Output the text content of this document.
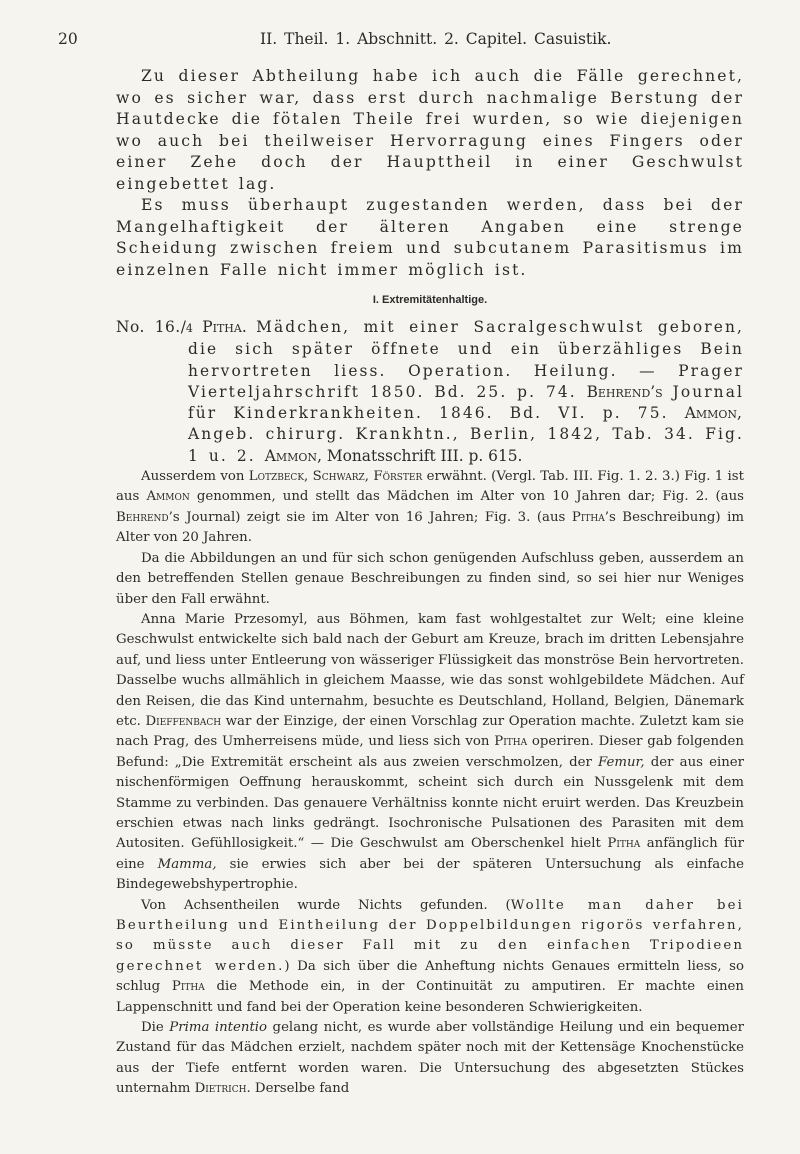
20	II. Theil. 1. Abschnitt. 2. Capitel. Casuistik.

Zu dieser Abtheilung habe ich auch die Fälle gerechnet, wo es sicher war, dass erst durch nachmalige Berstung der Hautdecke die fötalen Theile frei wurden, so wie diejenigen wo auch bei theilweiser Hervorragung eines Fingers oder einer Zehe doch der Haupttheil in einer Geschwulst eingebettet lag.

Es muss überhaupt zugestanden werden, dass bei der Mangelhaftigkeit der älteren Angaben eine strenge Scheidung zwischen freiem und subcutanem Parasitismus im einzelnen Falle nicht immer möglich ist.

I. Extremitätenhaltige.

No. 16./4 Pitha. Mädchen, mit einer Sacralgeschwulst geboren, die sich später öffnete und ein überzähliges Bein hervortreten liess. Operation. Heilung. — Prager Vierteljahrschrift 1850. Bd. 25. p. 74. Behrend’s Journal für Kinderkrankheiten. 1846. Bd. VI. p. 75. Ammon, Angeb. chirurg. Krankhtn., Berlin, 1842, Tab. 34. Fig. 1 u. 2. Ammon, Monatsschrift III. p. 615.

Ausserdem von Lotzbeck, Schwarz, Förster erwähnt. (Vergl. Tab. III. Fig. 1. 2. 3.) Fig. 1 ist aus Ammon genommen, und stellt das Mädchen im Alter von 10 Jahren dar; Fig. 2. (aus Behrend’s Journal) zeigt sie im Alter von 16 Jahren; Fig. 3. (aus Pitha’s Beschreibung) im Alter von 20 Jahren.

Da die Abbildungen an und für sich schon genügenden Aufschluss geben, ausserdem an den betreffenden Stellen genaue Beschreibungen zu finden sind, so sei hier nur Weniges über den Fall erwähnt.

Anna Marie Przesomyl, aus Böhmen, kam fast wohlgestaltet zur Welt; eine kleine Geschwulst entwickelte sich bald nach der Geburt am Kreuze, brach im dritten Lebensjahre auf, und liess unter Entleerung von wässeriger Flüssigkeit das monströse Bein hervortreten. Dasselbe wuchs allmählich in gleichem Maasse, wie das sonst wohlgebildete Mädchen. Auf den Reisen, die das Kind unternahm, besuchte es Deutschland, Holland, Belgien, Dänemark etc. Dieffenbach war der Einzige, der einen Vorschlag zur Operation machte. Zuletzt kam sie nach Prag, des Umherreisens müde, und liess sich von Pitha operiren. Dieser gab folgenden Befund: „Die Extremität erscheint als aus zweien verschmolzen, der Femur, der aus einer nischenförmigen Oeffnung herauskommt, scheint sich durch ein Nussgelenk mit dem Stamme zu verbinden. Das genauere Verhältniss konnte nicht eruirt werden. Das Kreuzbein erschien etwas nach links gedrängt. Isochronische Pulsationen des Parasiten mit dem Autositen. Gefühllosigkeit.“ — Die Geschwulst am Oberschenkel hielt Pitha anfänglich für eine Mamma, sie erwies sich aber bei der späteren Untersuchung als einfache Bindegewebshypertrophie.

Von Achsentheilen wurde Nichts gefunden. (Wollte man daher bei Beurtheilung und Eintheilung der Doppelbildungen rigorös verfahren, so müsste auch dieser Fall mit zu den einfachen Tripodieen gerechnet werden.) Da sich über die Anheftung nichts Genaues ermitteln liess, so schlug Pitha die Methode ein, in der Continuität zu amputiren. Er machte einen Lappenschnitt und fand bei der Operation keine besonderen Schwierigkeiten.

Die Prima intentio gelang nicht, es wurde aber vollständige Heilung und ein bequemer Zustand für das Mädchen erzielt, nachdem später noch mit der Kettensäge Knochenstücke aus der Tiefe entfernt worden waren. Die Untersuchung des abgesetzten Stückes unternahm Dietrich. Derselbe fand
